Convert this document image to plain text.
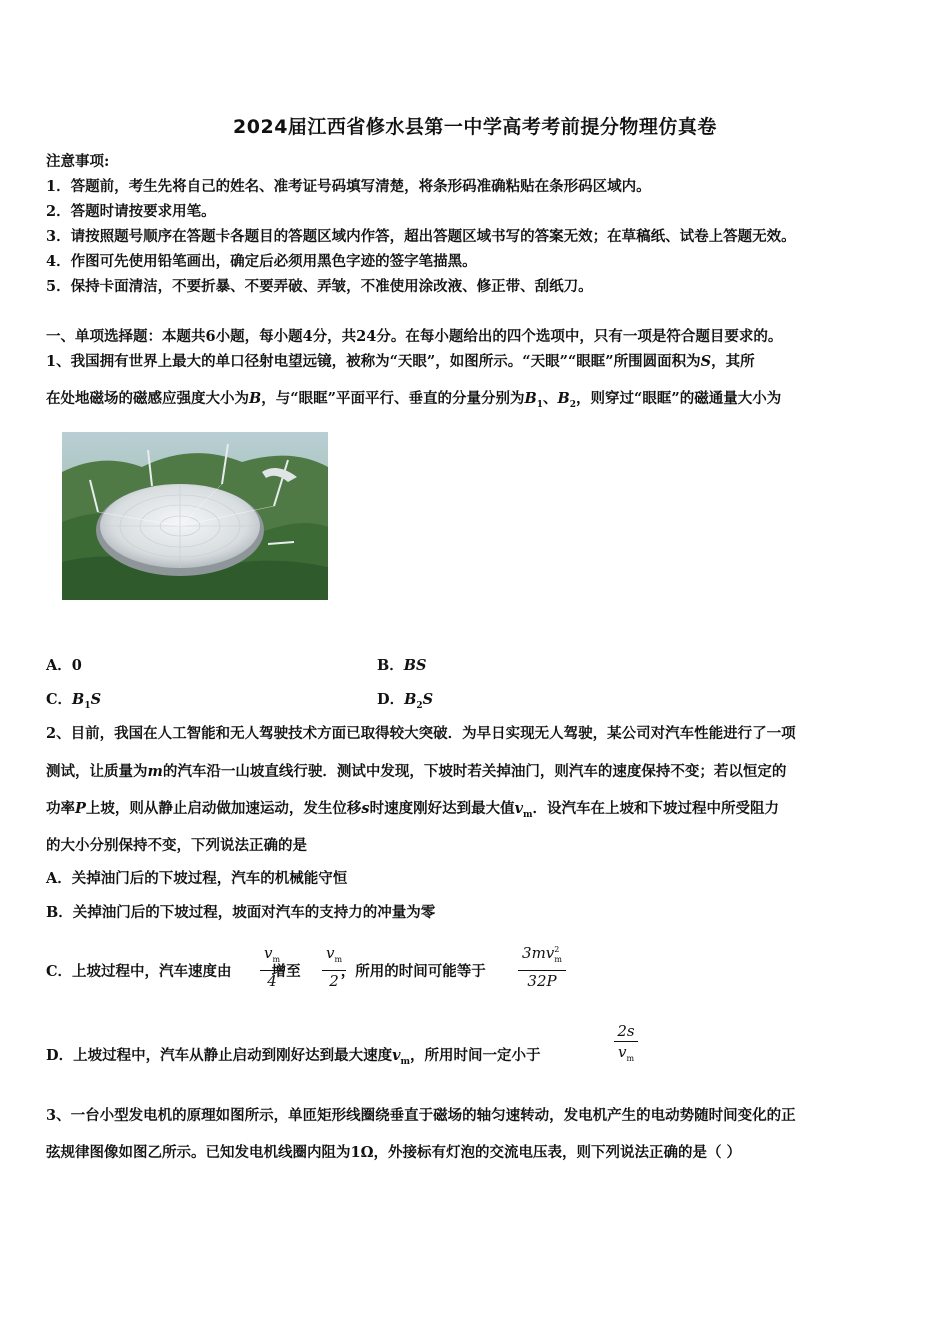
2024届江西省修水县第一中学高考考前提分物理仿真卷
注意事项:
1．答题前，考生先将自己的姓名、准考证号码填写清楚，将条形码准确粘贴在条形码区域内。
2．答题时请按要求用笔。
3．请按照题号顺序在答题卡各题目的答题区域内作答，超出答题区域书写的答案无效；在草稿纸、试卷上答题无效。
4．作图可先使用铅笔画出，确定后必须用黑色字迹的签字笔描黑。
5．保持卡面清洁，不要折暴、不要弄破、弄皱，不准使用涂改液、修正带、刮纸刀。
一、单项选择题：本题共6小题，每小题4分，共24分。在每小题给出的四个选项中，只有一项是符合题目要求的。
1、我国拥有世界上最大的单口径射电望远镜，被称为“天眼”，如图所示。“天眼”“眼眶”所围圆面积为S，其所
在处地磁场的磁感应强度大小为B，与“眼眶”平面平行、垂直的分量分别为$B_1$、$B_2$，则穿过“眼眶”的磁通量大小为
A．0	B．BS
C．$B_1S$	D．$B_2S$
2、目前，我国在人工智能和无人驾驶技术方面已取得较大突破．为早日实现无人驾驶，某公司对汽车性能进行了一项
测试，让质量为m的汽车沿一山坡直线行驶．测试中发现，下坡时若关掉油门，则汽车的速度保持不变；若以恒定的
功率P上坡，则从静止启动做加速运动，发生位移s时速度刚好达到最大值$v_m$．设汽车在上坡和下坡过程中所受阻力
的大小分别保持不变，下列说法正确的是
A．关掉油门后的下坡过程，汽车的机械能守恒
B．关掉油门后的下坡过程，坡面对汽车的支持力的冲量为零
C．上坡过程中，汽车速度由	增至	，所用的时间可能等于
$v_m$
4
$v_m$
2
$3mv^2_m$
32P
D．上坡过程中，汽车从静止启动到刚好达到最大速度$v_m$，所用时间一定小于
2s
$v_m$
3、一台小型发电机的原理如图所示，单匝矩形线圈绕垂直于磁场的轴匀速转动，发电机产生的电动势随时间变化的正
弦规律图像如图乙所示。已知发电机线圈内阻为1Ω，外接标有灯泡的交流电压表，则下列说法正确的是（ ）
